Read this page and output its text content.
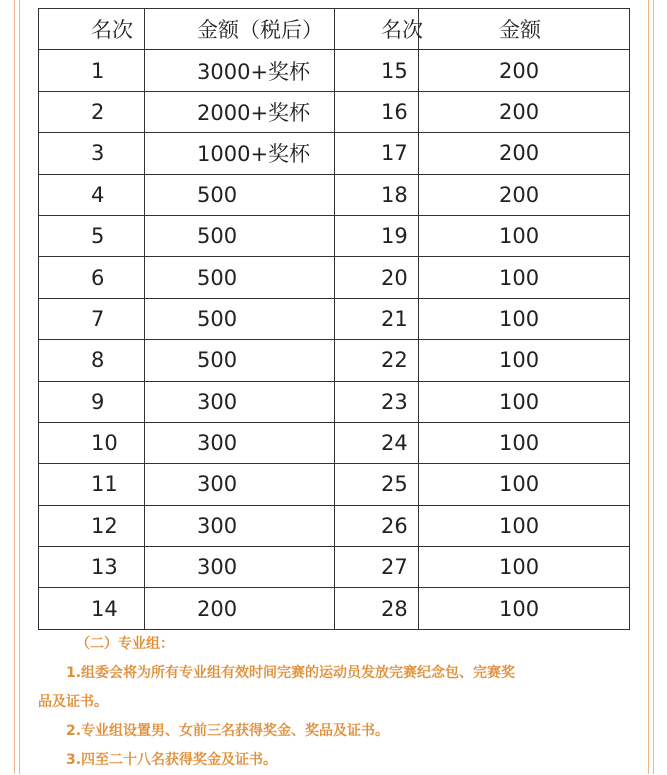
名次	金额（税后）	名次	金额
1	3000+奖杯	15	200
2	2000+奖杯	16	200
3	1000+奖杯	17	200
4	500	18	200
5	500	19	100
6	500	20	100
7	500	21	100
8	500	22	100
9	300	23	100
10	300	24	100
11	300	25	100
12	300	26	100
13	300	27	100
14	200	28	100

（二）专业组：

1.组委会将为所有专业组有效时间完赛的运动员发放完赛纪念包、完赛奖

品及证书。

2.专业组设置男、女前三名获得奖金、奖品及证书。

3.四至二十八名获得奖金及证书。
